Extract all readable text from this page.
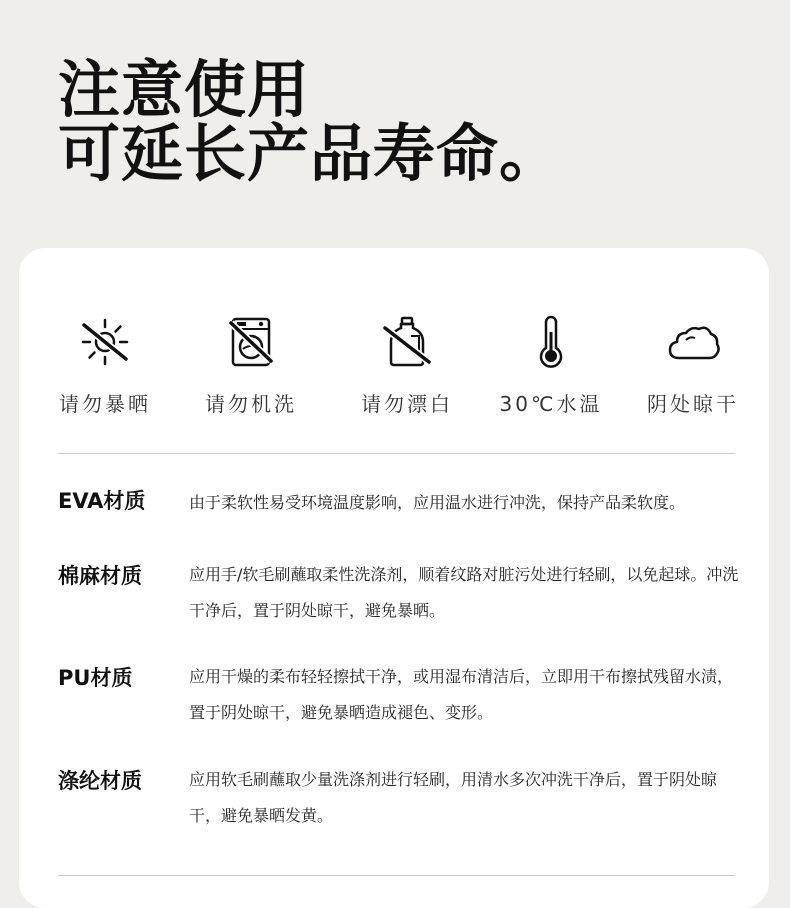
注意使用
可延长产品寿命。
请勿暴晒	请勿机洗	请勿漂白	30℃水温	阴处晾干
EVA材质	由于柔软性易受环境温度影响，应用温水进行冲洗，保持产品柔软度。
棉麻材质	应用手/软毛刷蘸取柔性洗涤剂，顺着纹路对脏污处进行轻刷，以免起球。冲洗干净后，置于阴处晾干，避免暴晒。
PU材质	应用干燥的柔布轻轻擦拭干净，或用湿布清洁后，立即用干布擦拭残留水渍，置于阴处晾干，避免暴晒造成褪色、变形。
涤纶材质	应用软毛刷蘸取少量洗涤剂进行轻刷，用清水多次冲洗干净后，置于阴处晾干，避免暴晒发黄。
